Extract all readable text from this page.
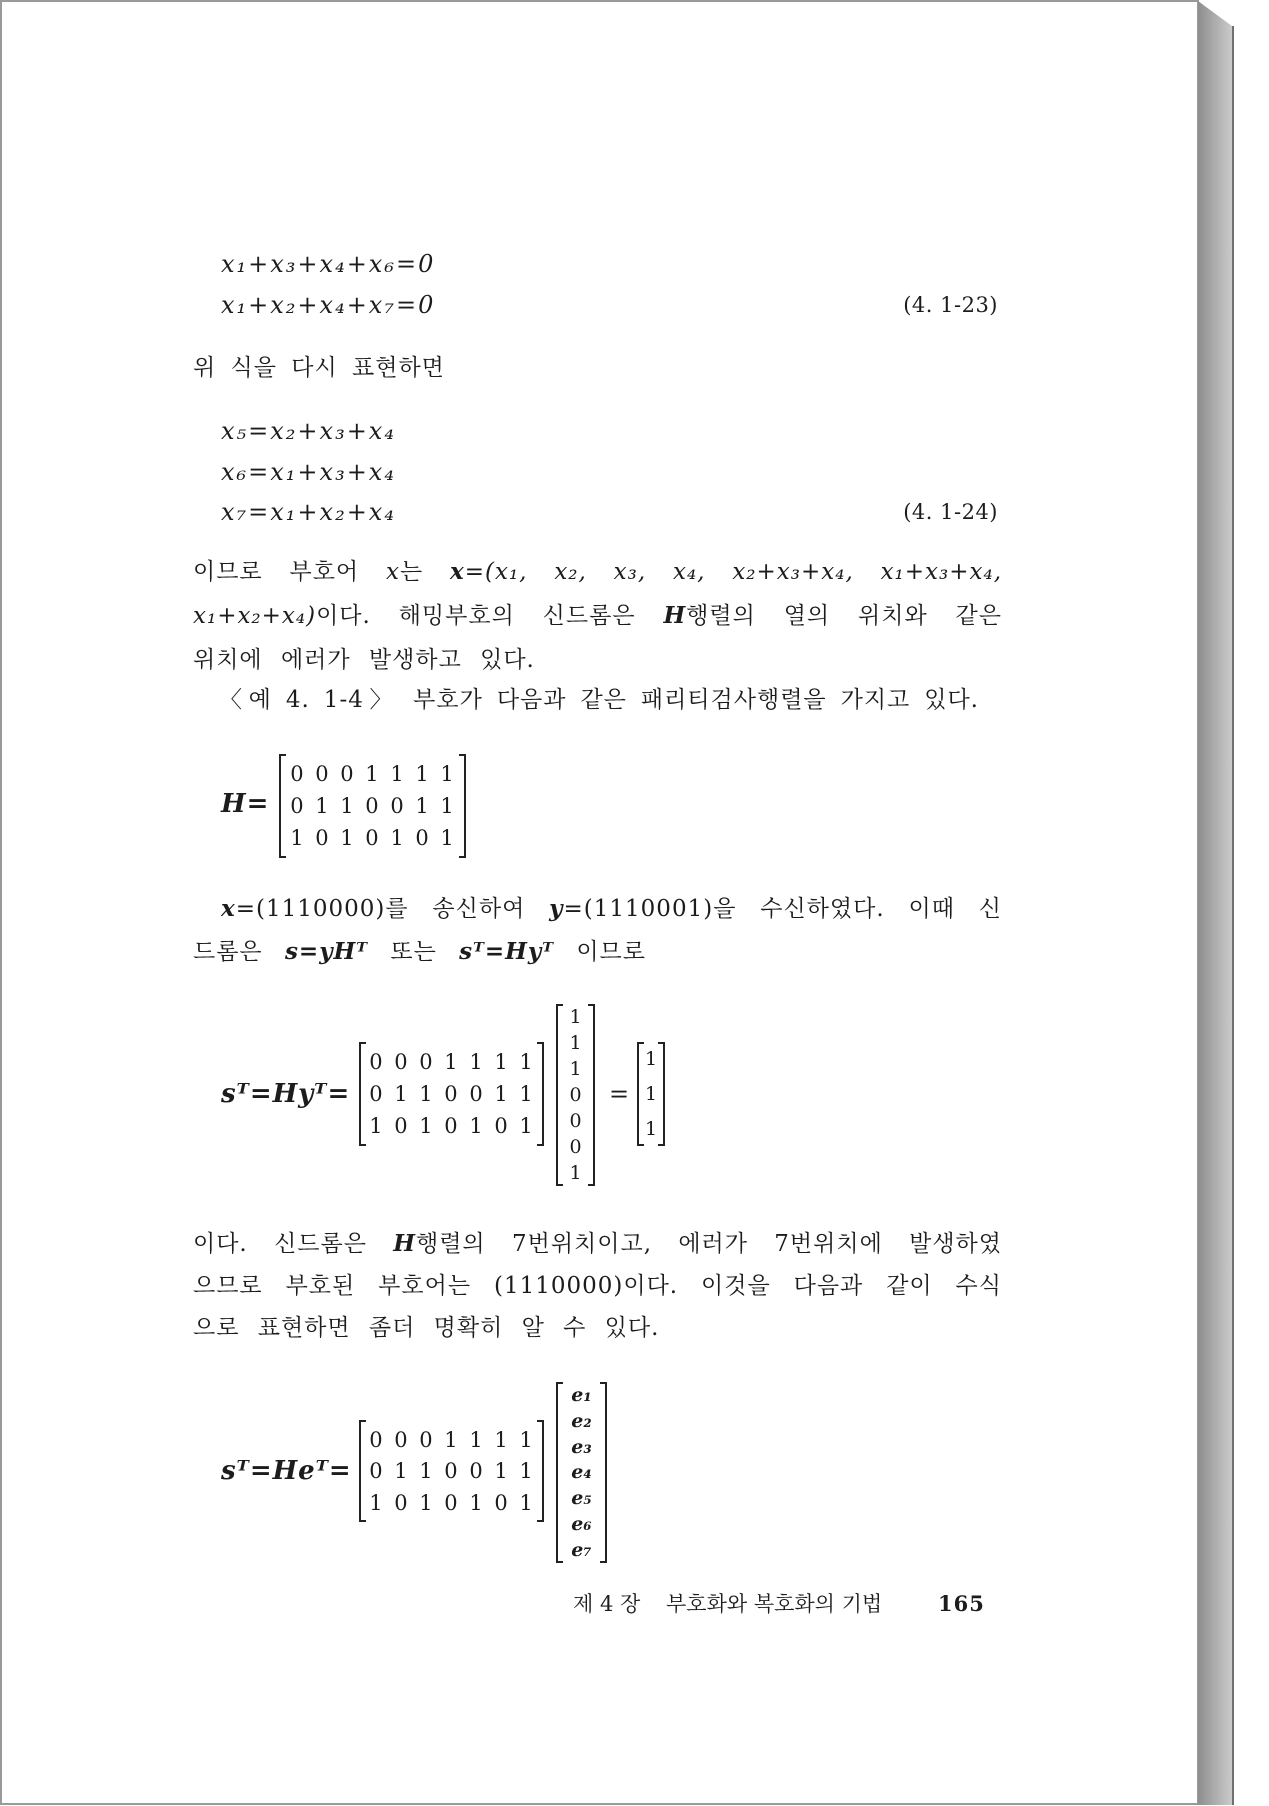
x₁+x₃+x₄+x₆=0
x₁+x₂+x₄+x₇=0	(4. 1-23)
위 식을 다시 표현하면
x₅=x₂+x₃+x₄
x₆=x₁+x₃+x₄
x₇=x₁+x₂+x₄	(4. 1-24)
이므로 부호어 x는 x=(x₁, x₂, x₃, x₄, x₂+x₃+x₄, x₁+x₃+x₄,
x₁+x₂+x₄)이다. 해밍부호의 신드롬은 H행렬의 열의 위치와 같은
위치에 에러가 발생하고 있다.
〈예 4. 1-4〉 부호가 다음과 같은 패리티검사행렬을 가지고 있다.
H=
0 0 0 1 1 1 1
0 1 1 0 0 1 1
1 0 1 0 1 0 1
x=(1110000)를 송신하여 y=(1110001)을 수신하였다. 이때 신
드롬은 s=yHᵀ 또는 sᵀ=Hyᵀ 이므로
sᵀ=Hyᵀ=
0 0 0 1 1 1 1
0 1 1 0 0 1 1
1 0 1 0 1 0 1
1
1
1
0
0
0
1
=
1
1
1
이다. 신드롬은 H행렬의 7번위치이고, 에러가 7번위치에 발생하였
으므로 부호된 부호어는 (1110000)이다. 이것을 다음과 같이 수식
으로 표현하면 좀더 명확히 알 수 있다.
sᵀ=Heᵀ=
0 0 0 1 1 1 1
0 1 1 0 0 1 1
1 0 1 0 1 0 1
e₁
e₂
e₃
e₄
e₅
e₆
e₇
제 4 장 부호화와 복호화의 기법	165
